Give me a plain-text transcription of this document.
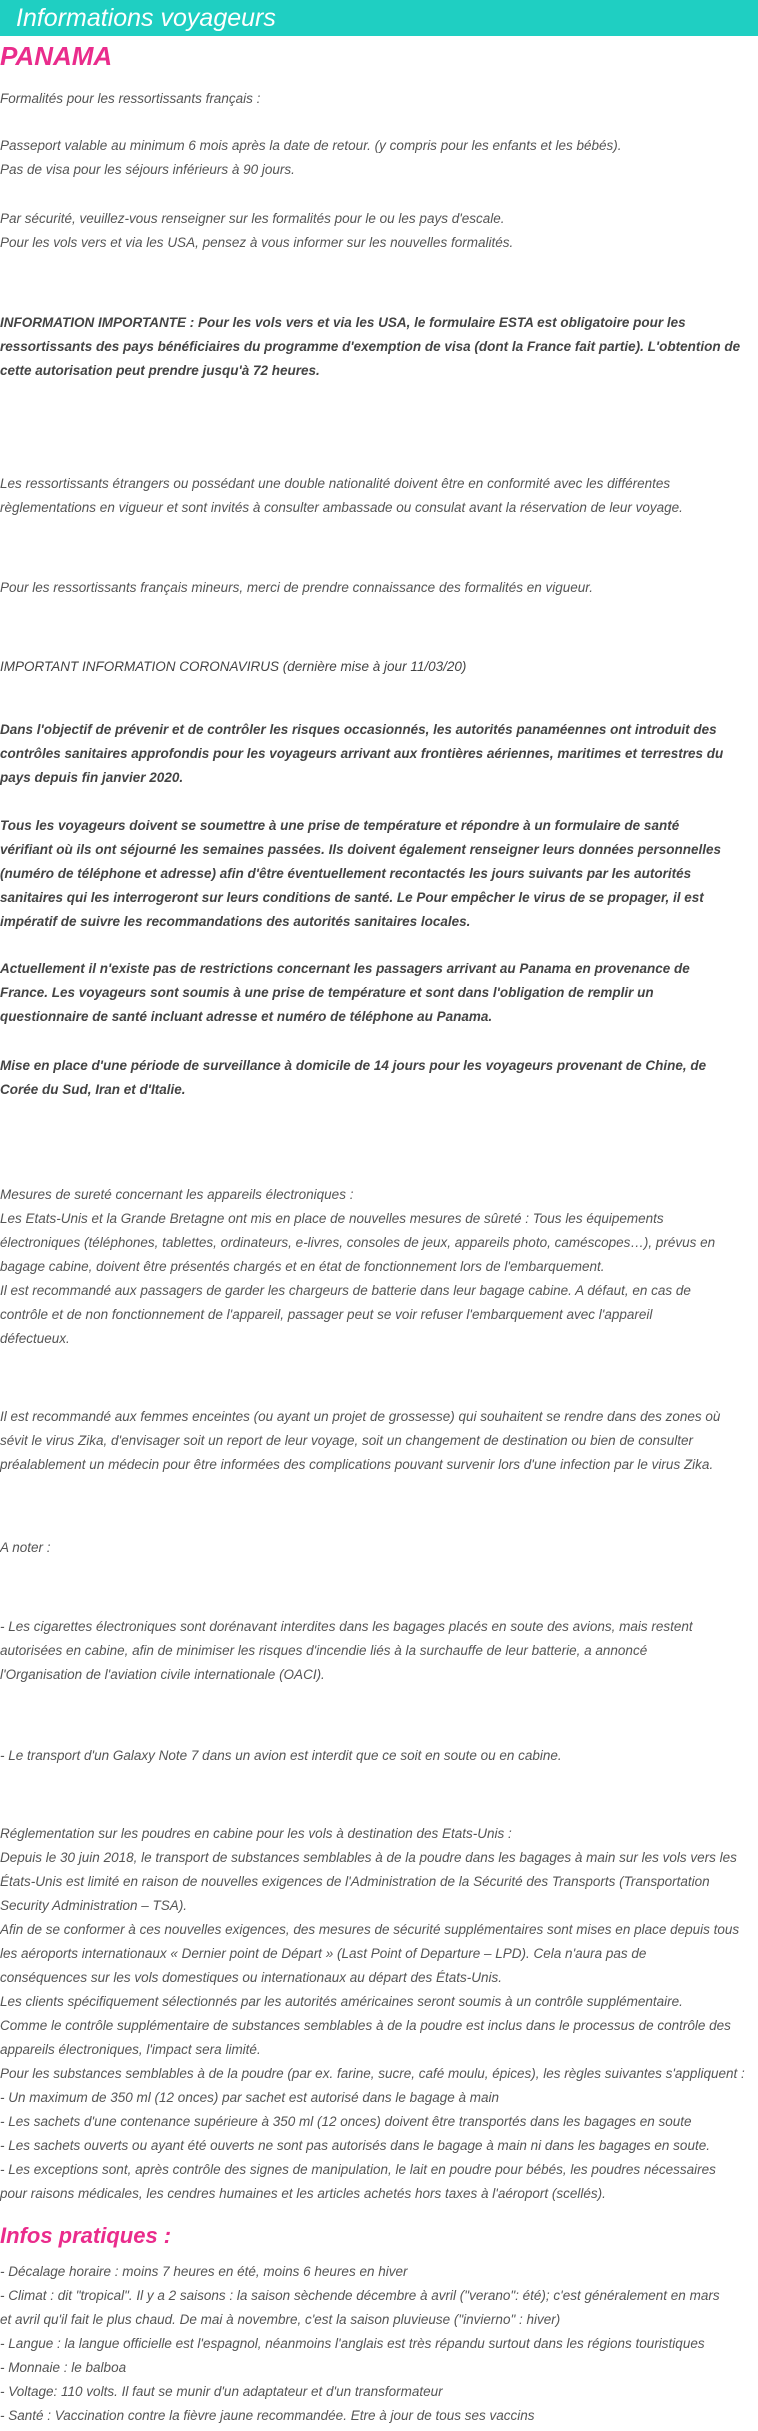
Informations voyageurs
PANAMA
Formalités pour les ressortissants français :
Passeport valable au minimum 6 mois après la date de retour. (y compris pour les enfants et les bébés).
Pas de visa pour les séjours inférieurs à 90 jours.
Par sécurité, veuillez-vous renseigner sur les formalités pour le ou les pays d'escale.
Pour les vols vers et via les USA, pensez à vous informer sur les nouvelles formalités.
INFORMATION IMPORTANTE : Pour les vols vers et via les USA, le formulaire ESTA est obligatoire pour les
ressortissants des pays bénéficiaires du programme d'exemption de visa (dont la France fait partie). L'obtention de
cette autorisation peut prendre jusqu'à 72 heures.
Les ressortissants étrangers ou possédant une double nationalité doivent être en conformité avec les différentes
règlementations en vigueur et sont invités à consulter ambassade ou consulat avant la réservation de leur voyage.
Pour les ressortissants français mineurs, merci de prendre connaissance des formalités en vigueur.
IMPORTANT INFORMATION CORONAVIRUS (dernière mise à jour 11/03/20)
Dans l'objectif de prévenir et de contrôler les risques occasionnés, les autorités panaméennes ont introduit des
contrôles sanitaires approfondis pour les voyageurs arrivant aux frontières aériennes, maritimes et terrestres du
pays depuis fin janvier 2020.
Tous les voyageurs doivent se soumettre à une prise de température et répondre à un formulaire de santé
vérifiant où ils ont séjourné les semaines passées. Ils doivent également renseigner leurs données personnelles
(numéro de téléphone et adresse) afin d'être éventuellement recontactés les jours suivants par les autorités
sanitaires qui les interrogeront sur leurs conditions de santé. Le Pour empêcher le virus de se propager, il est
impératif de suivre les recommandations des autorités sanitaires locales.
Actuellement il n'existe pas de restrictions concernant les passagers arrivant au Panama en provenance de
France. Les voyageurs sont soumis à une prise de température et sont dans l'obligation de remplir un
questionnaire de santé incluant adresse et numéro de téléphone au Panama.
Mise en place d'une période de surveillance à domicile de 14 jours pour les voyageurs provenant de Chine, de
Corée du Sud, Iran et d'Italie.
Mesures de sureté concernant les appareils électroniques :
Les Etats-Unis et la Grande Bretagne ont mis en place de nouvelles mesures de sûreté : Tous les équipements
électroniques (téléphones, tablettes, ordinateurs, e-livres, consoles de jeux, appareils photo, caméscopes…), prévus en
bagage cabine, doivent être présentés chargés et en état de fonctionnement lors de l'embarquement.
Il est recommandé aux passagers de garder les chargeurs de batterie dans leur bagage cabine. A défaut, en cas de
contrôle et de non fonctionnement de l'appareil, passager peut se voir refuser l'embarquement avec l'appareil
défectueux.
Il est recommandé aux femmes enceintes (ou ayant un projet de grossesse) qui souhaitent se rendre dans des zones où
sévit le virus Zika, d'envisager soit un report de leur voyage, soit un changement de destination ou bien de consulter
préalablement un médecin pour être informées des complications pouvant survenir lors d'une infection par le virus Zika.
A noter :
- Les cigarettes électroniques sont dorénavant interdites dans les bagages placés en soute des avions, mais restent
autorisées en cabine, afin de minimiser les risques d'incendie liés à la surchauffe de leur batterie, a annoncé
l'Organisation de l'aviation civile internationale (OACI).
- Le transport d'un Galaxy Note 7 dans un avion est interdit que ce soit en soute ou en cabine.
Réglementation sur les poudres en cabine pour les vols à destination des Etats-Unis :
Depuis le 30 juin 2018, le transport de substances semblables à de la poudre dans les bagages à main sur les vols vers les
États-Unis est limité en raison de nouvelles exigences de l'Administration de la Sécurité des Transports (Transportation
Security Administration – TSA).
Afin de se conformer à ces nouvelles exigences, des mesures de sécurité supplémentaires sont mises en place depuis tous
les aéroports internationaux « Dernier point de Départ » (Last Point of Departure – LPD). Cela n'aura pas de
conséquences sur les vols domestiques ou internationaux au départ des États-Unis.
Les clients spécifiquement sélectionnés par les autorités américaines seront soumis à un contrôle supplémentaire.
Comme le contrôle supplémentaire de substances semblables à de la poudre est inclus dans le processus de contrôle des
appareils électroniques, l'impact sera limité.
Pour les substances semblables à de la poudre (par ex. farine, sucre, café moulu, épices), les règles suivantes s'appliquent :
- Un maximum de 350 ml (12 onces) par sachet est autorisé dans le bagage à main
- Les sachets d'une contenance supérieure à 350 ml (12 onces) doivent être transportés dans les bagages en soute
- Les sachets ouverts ou ayant été ouverts ne sont pas autorisés dans le bagage à main ni dans les bagages en soute.
- Les exceptions sont, après contrôle des signes de manipulation, le lait en poudre pour bébés, les poudres nécessaires
pour raisons médicales, les cendres humaines et les articles achetés hors taxes à l'aéroport (scellés).
Infos pratiques :
- Décalage horaire : moins 7 heures en été, moins 6 heures en hiver
- Climat : dit "tropical". Il y a 2 saisons : la saison sèchende décembre à avril ("verano": été); c'est généralement en mars
et avril qu'il fait le plus chaud. De mai à novembre, c'est la saison pluvieuse ("invierno" : hiver)
- Langue : la langue officielle est l'espagnol, néanmoins l'anglais est très répandu surtout dans les régions touristiques
- Monnaie : le balboa
- Voltage: 110 volts. Il faut se munir d'un adaptateur et d'un transformateur
- Santé : Vaccination contre la fièvre jaune recommandée. Etre à jour de tous ses vaccins
